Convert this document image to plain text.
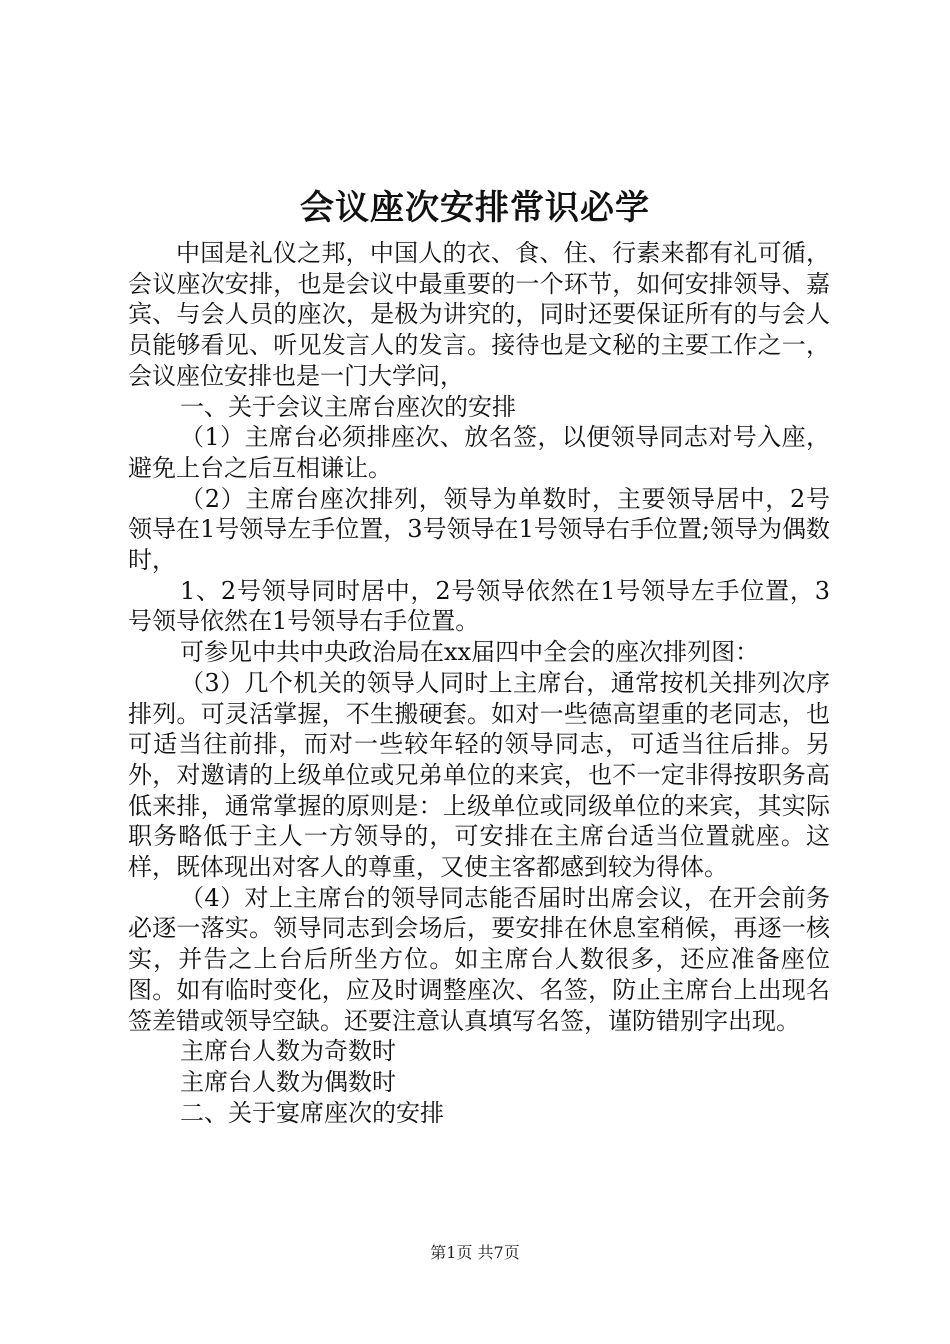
会议座次安排常识必学

中国是礼仪之邦，中国人的衣、食、住、行素来都有礼可循，会议座次安排，也是会议中最重要的一个环节，如何安排领导、嘉宾、与会人员的座次，是极为讲究的，同时还要保证所有的与会人员能够看见、听见发言人的发言。接待也是文秘的主要工作之一，会议座位安排也是一门大学问，

一、关于会议主席台座次的安排

（1）主席台必须排座次、放名签，以便领导同志对号入座，避免上台之后互相谦让。

（2）主席台座次排列，领导为单数时，主要领导居中，2号领导在1号领导左手位置，3号领导在1号领导右手位置;领导为偶数时，

1、2号领导同时居中，2号领导依然在1号领导左手位置，3号领导依然在1号领导右手位置。

可参见中共中央政治局在xx届四中全会的座次排列图：

（3）几个机关的领导人同时上主席台，通常按机关排列次序排列。可灵活掌握，不生搬硬套。如对一些德高望重的老同志，也可适当往前排，而对一些较年轻的领导同志，可适当往后排。另外，对邀请的上级单位或兄弟单位的来宾，也不一定非得按职务高低来排，通常掌握的原则是：上级单位或同级单位的来宾，其实际职务略低于主人一方领导的，可安排在主席台适当位置就座。这样，既体现出对客人的尊重，又使主客都感到较为得体。

（4）对上主席台的领导同志能否届时出席会议，在开会前务必逐一落实。领导同志到会场后，要安排在休息室稍候，再逐一核实，并告之上台后所坐方位。如主席台人数很多，还应准备座位图。如有临时变化，应及时调整座次、名签，防止主席台上出现名签差错或领导空缺。还要注意认真填写名签，谨防错别字出现。

主席台人数为奇数时

主席台人数为偶数时

二、关于宴席座次的安排

第1页 共7页
